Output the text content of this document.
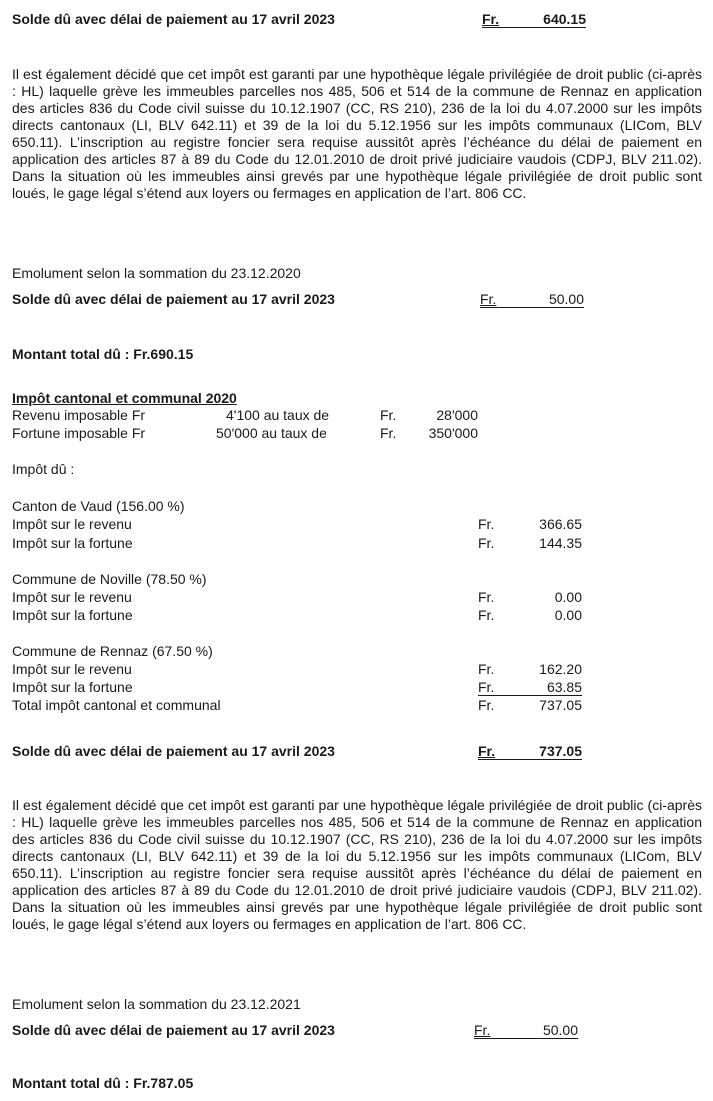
Solde dû avec délai de paiement au 17 avril 2023	Fr.	640.15
Il est également décidé que cet impôt est garanti par une hypothèque légale privilégiée de droit public (ci-après : HL) laquelle grève les immeubles parcelles nos 485, 506 et 514 de la commune de Rennaz en application des articles 836 du Code civil suisse du 10.12.1907 (CC, RS 210), 236 de la loi du 4.07.2000 sur les impôts directs cantonaux (LI, BLV 642.11) et 39 de la loi du 5.12.1956 sur les impôts communaux (LICom, BLV 650.11). L’inscription au registre foncier sera requise aussitôt après l’échéance du délai de paiement en application des articles 87 à 89 du Code du 12.01.2010 de droit privé judiciaire vaudois (CDPJ, BLV 211.02). Dans la situation où les immeubles ainsi grevés par une hypothèque légale privilégiée de droit public sont loués, le gage légal s’étend aux loyers ou fermages en application de l’art. 806 CC.
Emolument selon la sommation du 23.12.2020
Solde dû avec délai de paiement au 17 avril 2023	Fr.	50.00
Montant total dû : Fr.690.15
Impôt cantonal et communal 2020
Revenu imposable Fr	4'100 au taux de	Fr.	28'000
Fortune imposable Fr	50'000 au taux de	Fr.	350'000
Impôt dû :
Canton de Vaud (156.00 %)
Impôt sur le revenu	Fr.	366.65
Impôt sur la fortune	Fr.	144.35
Commune de Noville (78.50 %)
Impôt sur le revenu	Fr.	0.00
Impôt sur la fortune	Fr.	0.00
Commune de Rennaz (67.50 %)
Impôt sur le revenu	Fr.	162.20
Impôt sur la fortune	Fr.	63.85
Total impôt cantonal et communal	Fr.	737.05
Solde dû avec délai de paiement au 17 avril 2023	Fr.	737.05
Il est également décidé que cet impôt est garanti par une hypothèque légale privilégiée de droit public (ci-après : HL) laquelle grève les immeubles parcelles nos 485, 506 et 514 de la commune de Rennaz en application des articles 836 du Code civil suisse du 10.12.1907 (CC, RS 210), 236 de la loi du 4.07.2000 sur les impôts directs cantonaux (LI, BLV 642.11) et 39 de la loi du 5.12.1956 sur les impôts communaux (LICom, BLV 650.11). L’inscription au registre foncier sera requise aussitôt après l’échéance du délai de paiement en application des articles 87 à 89 du Code du 12.01.2010 de droit privé judiciaire vaudois (CDPJ, BLV 211.02). Dans la situation où les immeubles ainsi grevés par une hypothèque légale privilégiée de droit public sont loués, le gage légal s’étend aux loyers ou fermages en application de l’art. 806 CC.
Emolument selon la sommation du 23.12.2021
Solde dû avec délai de paiement au 17 avril 2023	Fr.	50.00
Montant total dû : Fr.787.05
